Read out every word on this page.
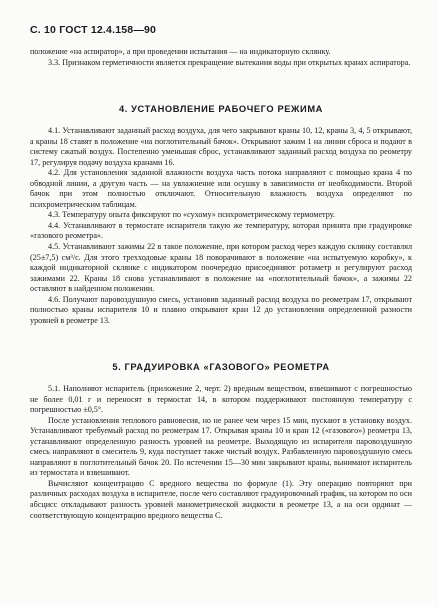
С. 10 ГОСТ 12.4.158—90

положение «на аспиратор», а при проведении испытания — на индикаторную склянку.

3.3. Признаком герметичности является прекращение вытекания воды при открытых кранах аспиратора.

4. УСТАНОВЛЕНИЕ РАБОЧЕГО РЕЖИМА

4.1. Устанавливают заданный расход воздуха, для чего закрывают краны 10, 12, краны 3, 4, 5 открывают, а краны 18 ставят в положение «на поглотительный бачок». Открывают зажим 1 на линии сброса и подают в систему сжатый воздух. Постепенно уменьшая сброс, устанавливают заданный расход воздуха по реометру 17, регулируя подачу воздуха кранами 16.

4.2. Для установления заданной влажности воздуха часть потока направляют с помощью крана 4 по обводной линии, а другую часть — на увлажнение или осушку в зависимости от необходимости. Второй бачок при этом полностью отключают. Относительную влажность воздуха определяют по психрометрическим таблицам.

4.3. Температуру опыта фиксируют по «сухому» психрометрическому термометру.

4.4. Устанавливают в термостате испарителя такую же температуру, которая принята при градуировке «газового реометра».

4.5. Устанавливают зажимы 22 в такое положение, при котором расход через каждую склянку составлял (25±7,5) см³/с. Для этого трехходовые краны 18 поворачивают в положение «на испытуемую коробку», к каждой индикаторной склянке с индикатором поочередно присоединяют ротаметр и регулируют расход зажимами 22. Краны 18 снова устанавливают в положение на «поглотительный бачок», а зажимы 22 оставляют в найденном положении.

4.6. Получают паровоздушную смесь, установив заданный расход воздуха по реометрам 17, открывают полностью краны испарителя 10 и плавно открывают кран 12 до установления определенной разности уровней в реометре 13.

5. ГРАДУИРОВКА «ГАЗОВОГО» РЕОМЕТРА

5.1. Наполняют испаритель (приложение 2, черт. 2) вредным веществом, взвешивают с погрешностью не более 0,01 г и переносят в термостат 14, в котором поддерживают постоянную температуру с погрешностью ±0,5°.

После установления теплового равновесия, но не ранее чем через 15 мин, пускают в установку воздух. Устанавливают требуемый расход по реометрам 17. Открывая краны 10 и кран 12 («газового») реометра 13, устанавливают определенную разность уровней на реометре. Выходящую из испарителя паровоздушную смесь направляют в смеситель 9, куда поступает также чистый воздух. Разбавленную паровоздушную смесь направляют в поглотительный бачок 20. По истечении 15—30 мин закрывают краны, вынимают испаритель из термостата и взвешивают.

Вычисляют концентрацию С вредного вещества по формуле (1). Эту операцию повторяют при различных расходах воздуха в испарителе, после чего составляют градуировочный график, на котором по оси абсцисс откладывают разность уровней манометрической жидкости в реометре 13, а на оси ординат — соответствующую концентрацию вредного вещества С.
